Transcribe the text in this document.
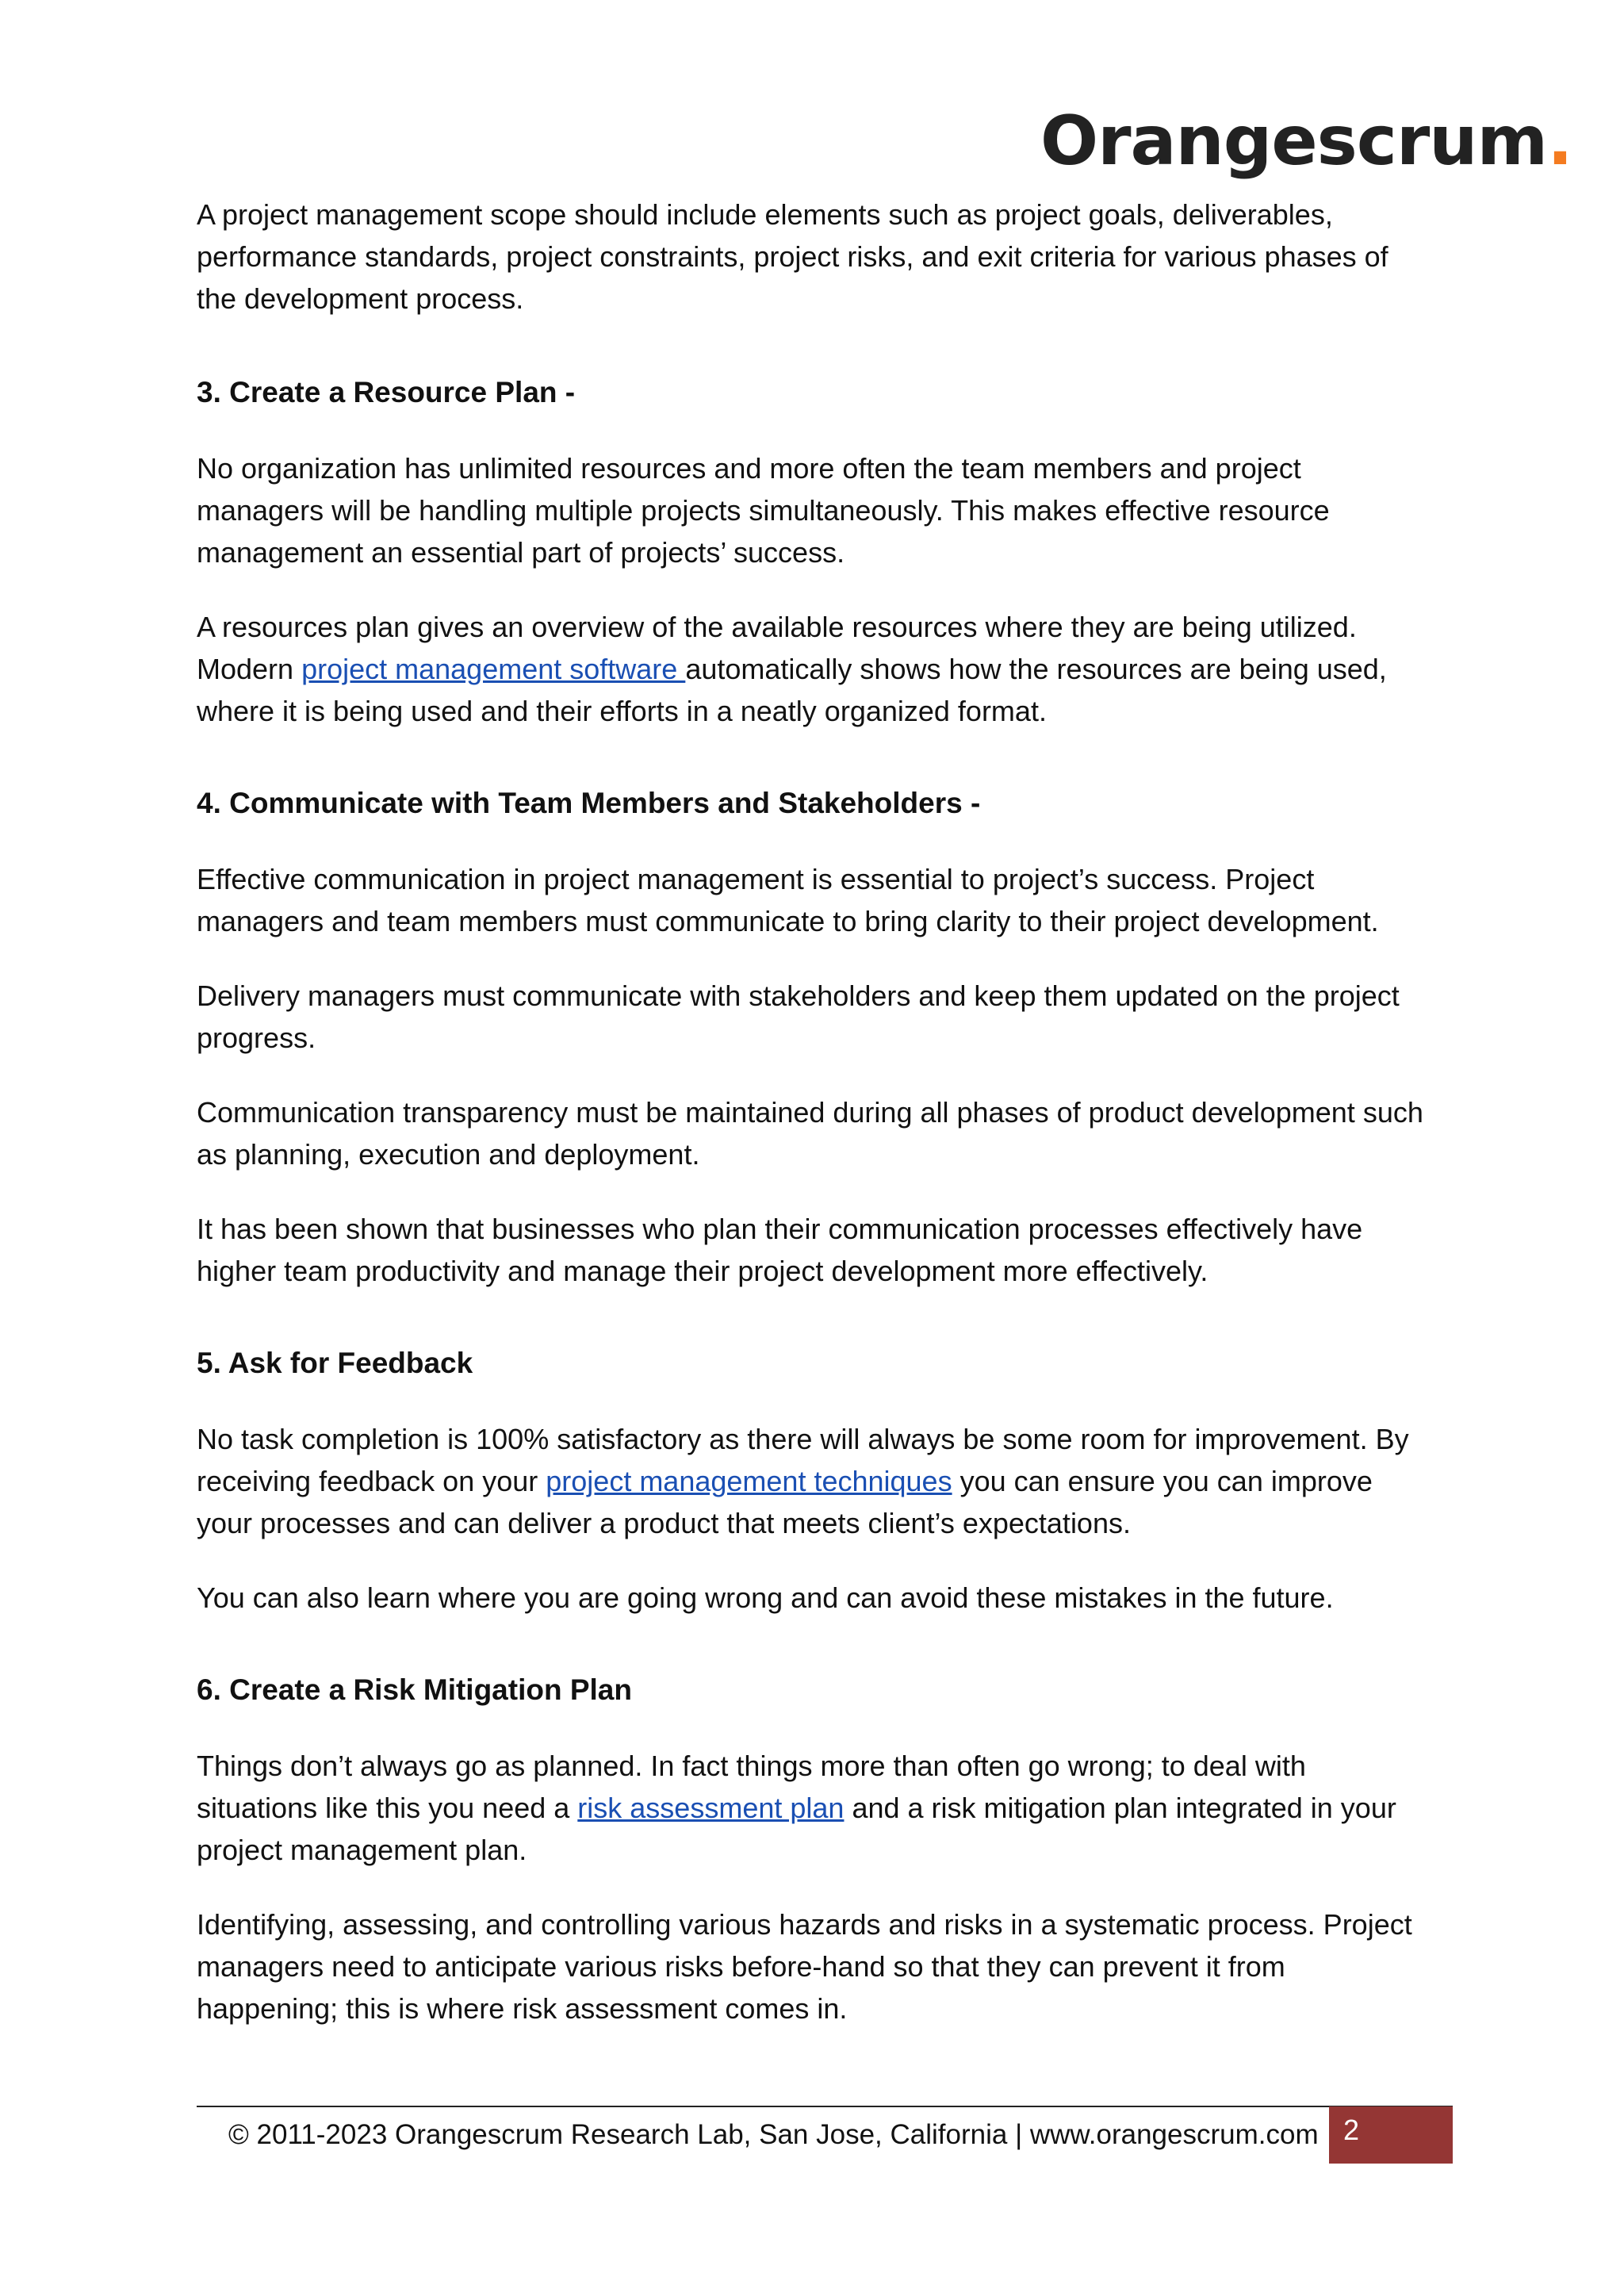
Orangescrum.

A project management scope should include elements such as project goals, deliverables, performance standards, project constraints, project risks, and exit criteria for various phases of the development process.

3. Create a Resource Plan -

No organization has unlimited resources and more often the team members and project managers will be handling multiple projects simultaneously. This makes effective resource management an essential part of projects’ success.

A resources plan gives an overview of the available resources where they are being utilized. Modern project management software automatically shows how the resources are being used, where it is being used and their efforts in a neatly organized format.

4. Communicate with Team Members and Stakeholders -

Effective communication in project management is essential to project’s success. Project managers and team members must communicate to bring clarity to their project development.

Delivery managers must communicate with stakeholders and keep them updated on the project progress.

Communication transparency must be maintained during all phases of product development such as planning, execution and deployment.

It has been shown that businesses who plan their communication processes effectively have higher team productivity and manage their project development more effectively.

5. Ask for Feedback

No task completion is 100% satisfactory as there will always be some room for improvement. By receiving feedback on your project management techniques you can ensure you can improve your processes and can deliver a product that meets client’s expectations.

You can also learn where you are going wrong and can avoid these mistakes in the future.

6. Create a Risk Mitigation Plan

Things don’t always go as planned. In fact things more than often go wrong; to deal with situations like this you need a risk assessment plan and a risk mitigation plan integrated in your project management plan.

Identifying, assessing, and controlling various hazards and risks in a systematic process. Project managers need to anticipate various risks before-hand so that they can prevent it from happening; this is where risk assessment comes in.

© 2011-2023 Orangescrum Research Lab, San Jose, California | www.orangescrum.com 2
